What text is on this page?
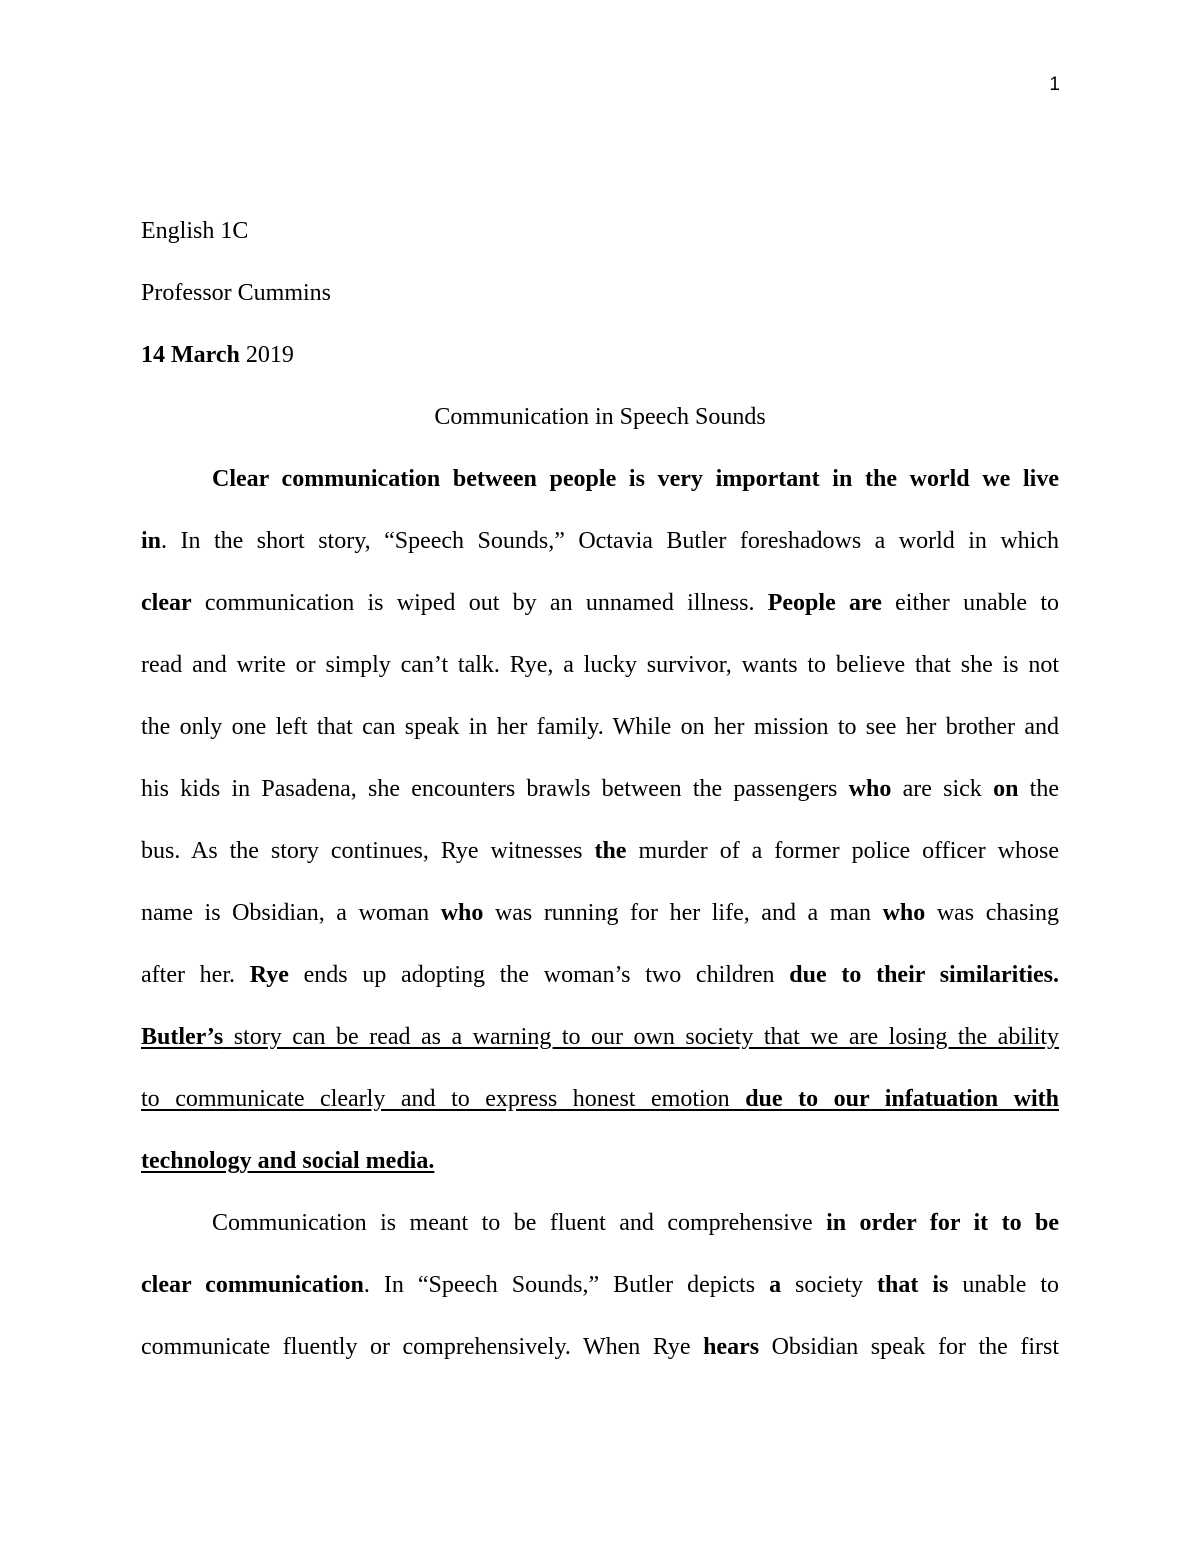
1
English 1C
Professor Cummins
14 March 2019
Communication in Speech Sounds
Clear communication between people is very important in the world we live
in. In the short story, “Speech Sounds,” Octavia Butler foreshadows a world in which
clear communication is wiped out by an unnamed illness. People are either unable to
read and write or simply can’t talk. Rye, a lucky survivor, wants to believe that she is not
the only one left that can speak in her family. While on her mission to see her brother and
his kids in Pasadena, she encounters brawls between the passengers who are sick on the
bus. As the story continues, Rye witnesses the murder of a former police officer whose
name is Obsidian, a woman who was running for her life, and a man who was chasing
after her. Rye ends up adopting the woman’s two children due to their similarities.
Butler’s story can be read as a warning to our own society that we are losing the ability
to communicate clearly and to express honest emotion due to our infatuation with
technology and social media.
Communication is meant to be fluent and comprehensive in order for it to be
clear communication. In “Speech Sounds,” Butler depicts a society that is unable to
communicate fluently or comprehensively. When Rye hears Obsidian speak for the first
